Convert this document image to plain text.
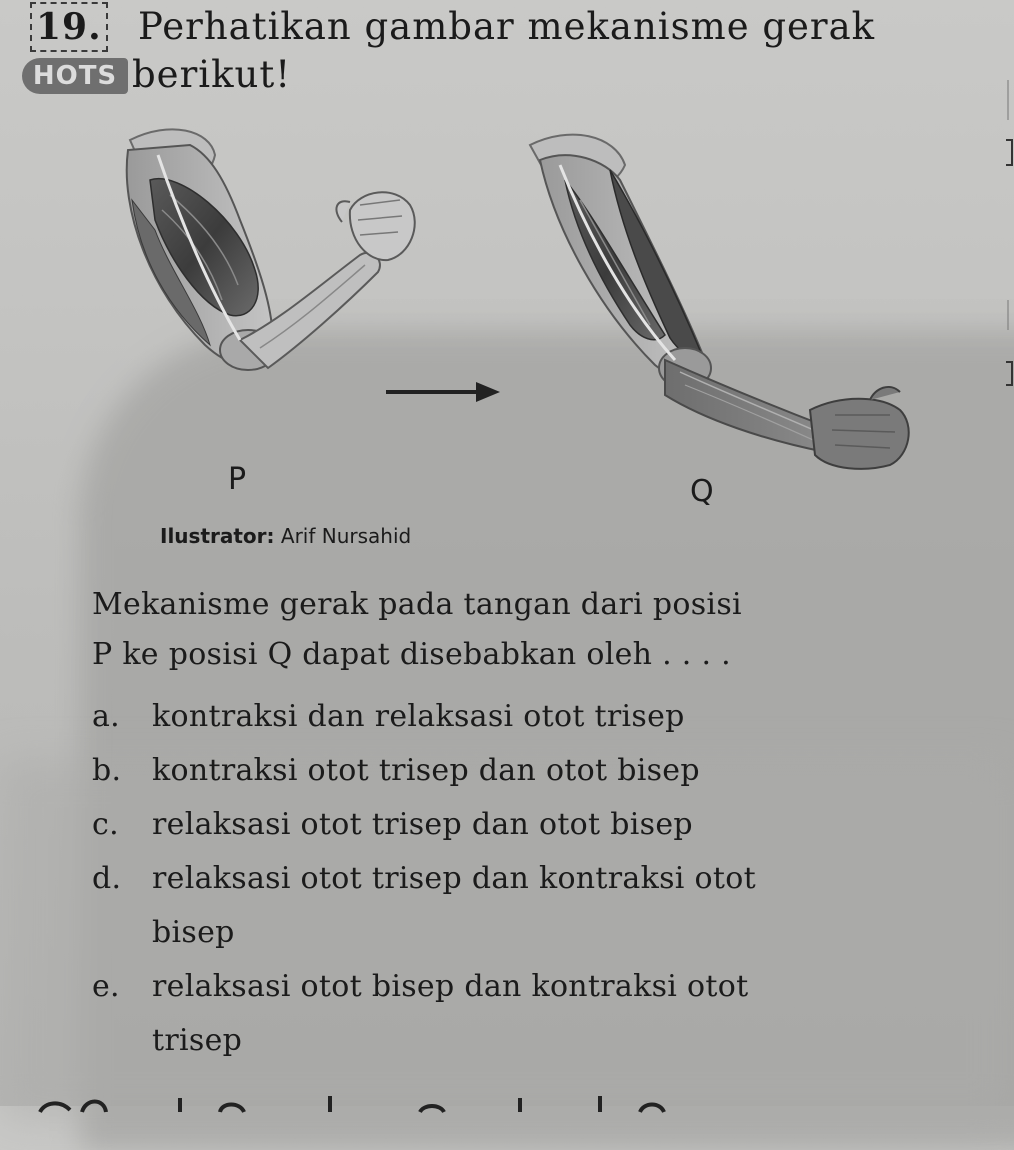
19. Perhatikan gambar mekanisme gerak
HOTS berikut!
P	Q
Ilustrator: Arif Nursahid
Mekanisme gerak pada tangan dari posisi
P ke posisi Q dapat disebabkan oleh . . . .
a. kontraksi dan relaksasi otot trisep
b. kontraksi otot trisep dan otot bisep
c. relaksasi otot trisep dan otot bisep
d. relaksasi otot trisep dan kontraksi otot
bisep
e. relaksasi otot bisep dan kontraksi otot
trisep
